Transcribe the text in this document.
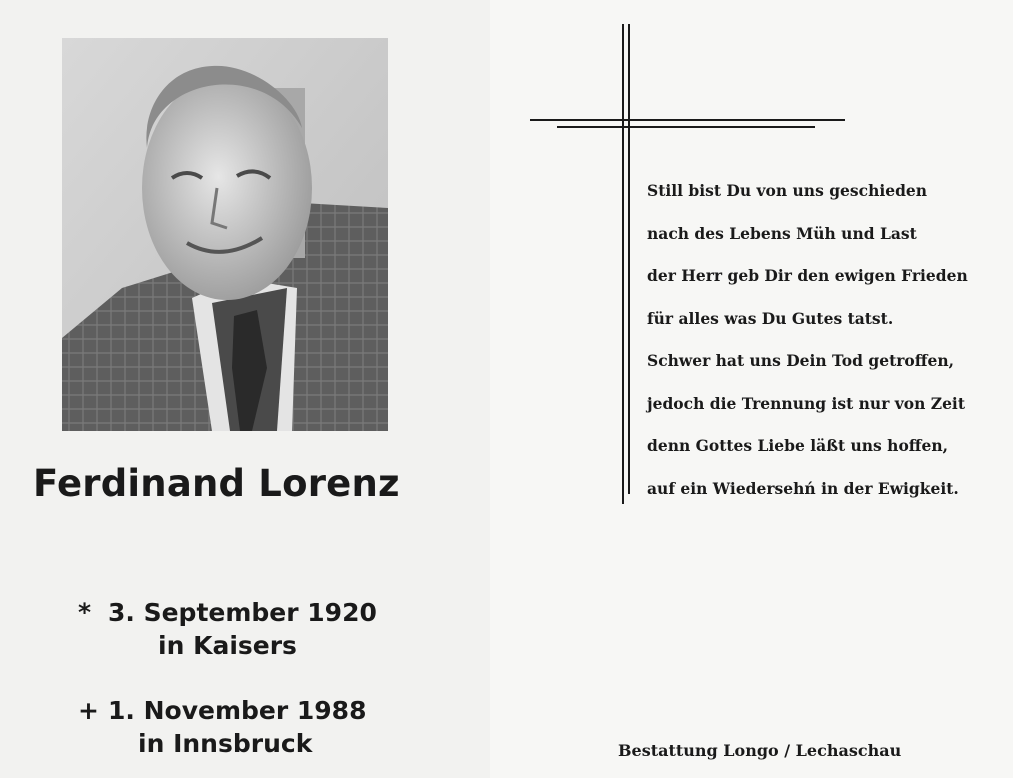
Ferdinand Lorenz
* 3. September 1920
in Kaisers
+ 1. November 1988
in Innsbruck
Still bist Du von uns geschieden
nach des Lebens Müh und Last
der Herr geb Dir den ewigen Frieden
für alles was Du Gutes tatst.
Schwer hat uns Dein Tod getroffen,
jedoch die Trennung ist nur von Zeit
denn Gottes Liebe läßt uns hoffen,
auf ein Wiedersehń in der Ewigkeit.
Bestattung Longo / Lechaschau
